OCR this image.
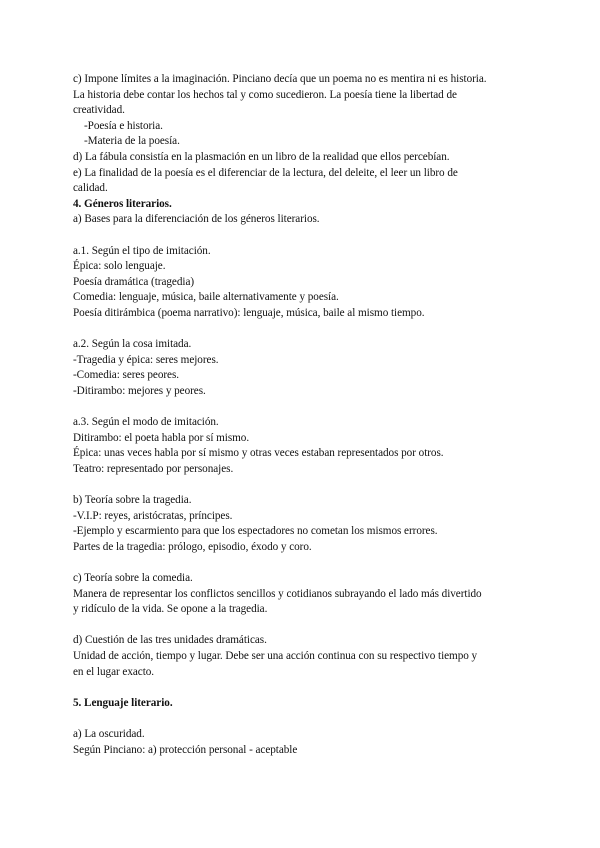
c) Impone límites a la imaginación. Pinciano decía que un poema no es mentira ni es historia.
La historia debe contar los hechos tal y como sucedieron. La poesía tiene la libertad de
creatividad.
-Poesía e historia.
-Materia de la poesía.
d) La fábula consistía en la plasmación en un libro de la realidad que ellos percebían.
e) La finalidad de la poesía es el diferenciar de la lectura, del deleite, el leer un libro de
calidad.
4. Géneros literarios.
a) Bases para la diferenciación de los géneros literarios.
a.1. Según el tipo de imitación.
Épica: solo lenguaje.
Poesía dramática (tragedia)
Comedia: lenguaje, música, baile alternativamente y poesía.
Poesía ditirámbica (poema narrativo): lenguaje, música, baile al mismo tiempo.
a.2. Según la cosa imitada.
-Tragedia y épica: seres mejores.
-Comedia: seres peores.
-Ditirambo: mejores y peores.
a.3. Según el modo de imitación.
Ditirambo: el poeta habla por sí mismo.
Épica: unas veces habla por sí mismo y otras veces estaban representados por otros.
Teatro: representado por personajes.
b) Teoría sobre la tragedia.
-V.I.P: reyes, aristócratas, príncipes.
-Ejemplo y escarmiento para que los espectadores no cometan los mismos errores.
Partes de la tragedia: prólogo, episodio, éxodo y coro.
c) Teoría sobre la comedia.
Manera de representar los conflictos sencillos y cotidianos subrayando el lado más divertido
y ridículo de la vida. Se opone a la tragedia.
d) Cuestión de las tres unidades dramáticas.
Unidad de acción, tiempo y lugar. Debe ser una acción continua con su respectivo tiempo y
en el lugar exacto.
5. Lenguaje literario.
a) La oscuridad.
Según Pinciano: a) protección personal - aceptable
